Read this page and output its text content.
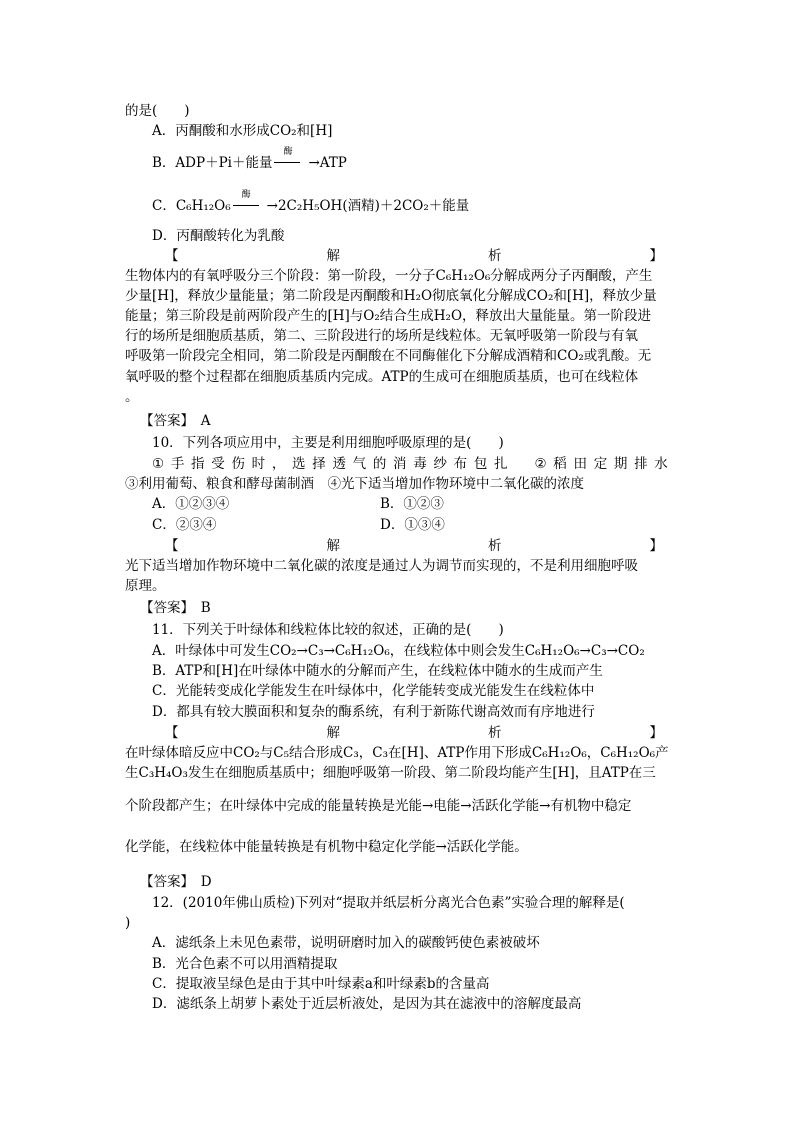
的是(　　)
A．丙酮酸和水形成CO₂和[H]
B．ADP＋Pi＋能量
酶
→ATP
C．C₆H₁₂O₆
酶
→2C₂H₅OH(酒精)＋2CO₂＋能量
D．丙酮酸转化为乳酸
【	解	析	】
生物体内的有氧呼吸分三个阶段：第一阶段，一分子C₆H₁₂O₆分解成两分子丙酮酸，产生
少量[H]，释放少量能量；第二阶段是丙酮酸和H₂O彻底氧化分解成CO₂和[H]，释放少量
能量；第三阶段是前两阶段产生的[H]与O₂结合生成H₂O，释放出大量能量。第一阶段进
行的场所是细胞质基质，第二、三阶段进行的场所是线粒体。无氧呼吸第一阶段与有氧
呼吸第一阶段完全相同，第二阶段是丙酮酸在不同酶催化下分解成酒精和CO₂或乳酸。无
氧呼吸的整个过程都在细胞质基质内完成。ATP的生成可在细胞质基质，也可在线粒体
。
【答案】　A
10．下列各项应用中，主要是利用细胞呼吸原理的是(　　)
① 手 指 受 伤 时 ， 选 择 透 气 的 消 毒 纱 布 包 扎
　 ② 稻 田 定 期 排 水
③利用葡萄、粮食和酵母菌制酒　④光下适当增加作物环境中二氧化碳的浓度
A．①②③④	B．①②③
C．②③④	D．①③④
【	解	析	】
光下适当增加作物环境中二氧化碳的浓度是通过人为调节而实现的，不是利用细胞呼吸
原理。
【答案】　B
11．下列关于叶绿体和线粒体比较的叙述，正确的是(　　)
A．叶绿体中可发生CO₂→C₃→C₆H₁₂O₆，在线粒体中则会发生C₆H₁₂O₆→C₃→CO₂
B．ATP和[H]在叶绿体中随水的分解而产生，在线粒体中随水的生成而产生
C．光能转变成化学能发生在叶绿体中，化学能转变成光能发生在线粒体中
D．都具有较大膜面积和复杂的酶系统，有利于新陈代谢高效而有序地进行
【	解	析	】
在叶绿体暗反应中CO₂与C₅结合形成C₃，C₃在[H]、ATP作用下形成C₆H₁₂O₆，C₆H₁₂O₆产
生C₃H₄O₃发生在细胞质基质中；细胞呼吸第一阶段、第二阶段均能产生[H]，且ATP在三
个阶段都产生；在叶绿体中完成的能量转换是光能→电能→活跃化学能→有机物中稳定
化学能，在线粒体中能量转换是有机物中稳定化学能→活跃化学能。
【答案】　D
12．(2010年佛山质检)下列对“提取并纸层析分离光合色素”实验合理的解释是(
)
A．滤纸条上未见色素带，说明研磨时加入的碳酸钙使色素被破坏
B．光合色素不可以用酒精提取
C．提取液呈绿色是由于其中叶绿素a和叶绿素b的含量高
D．滤纸条上胡萝卜素处于近层析液处，是因为其在滤液中的溶解度最高
